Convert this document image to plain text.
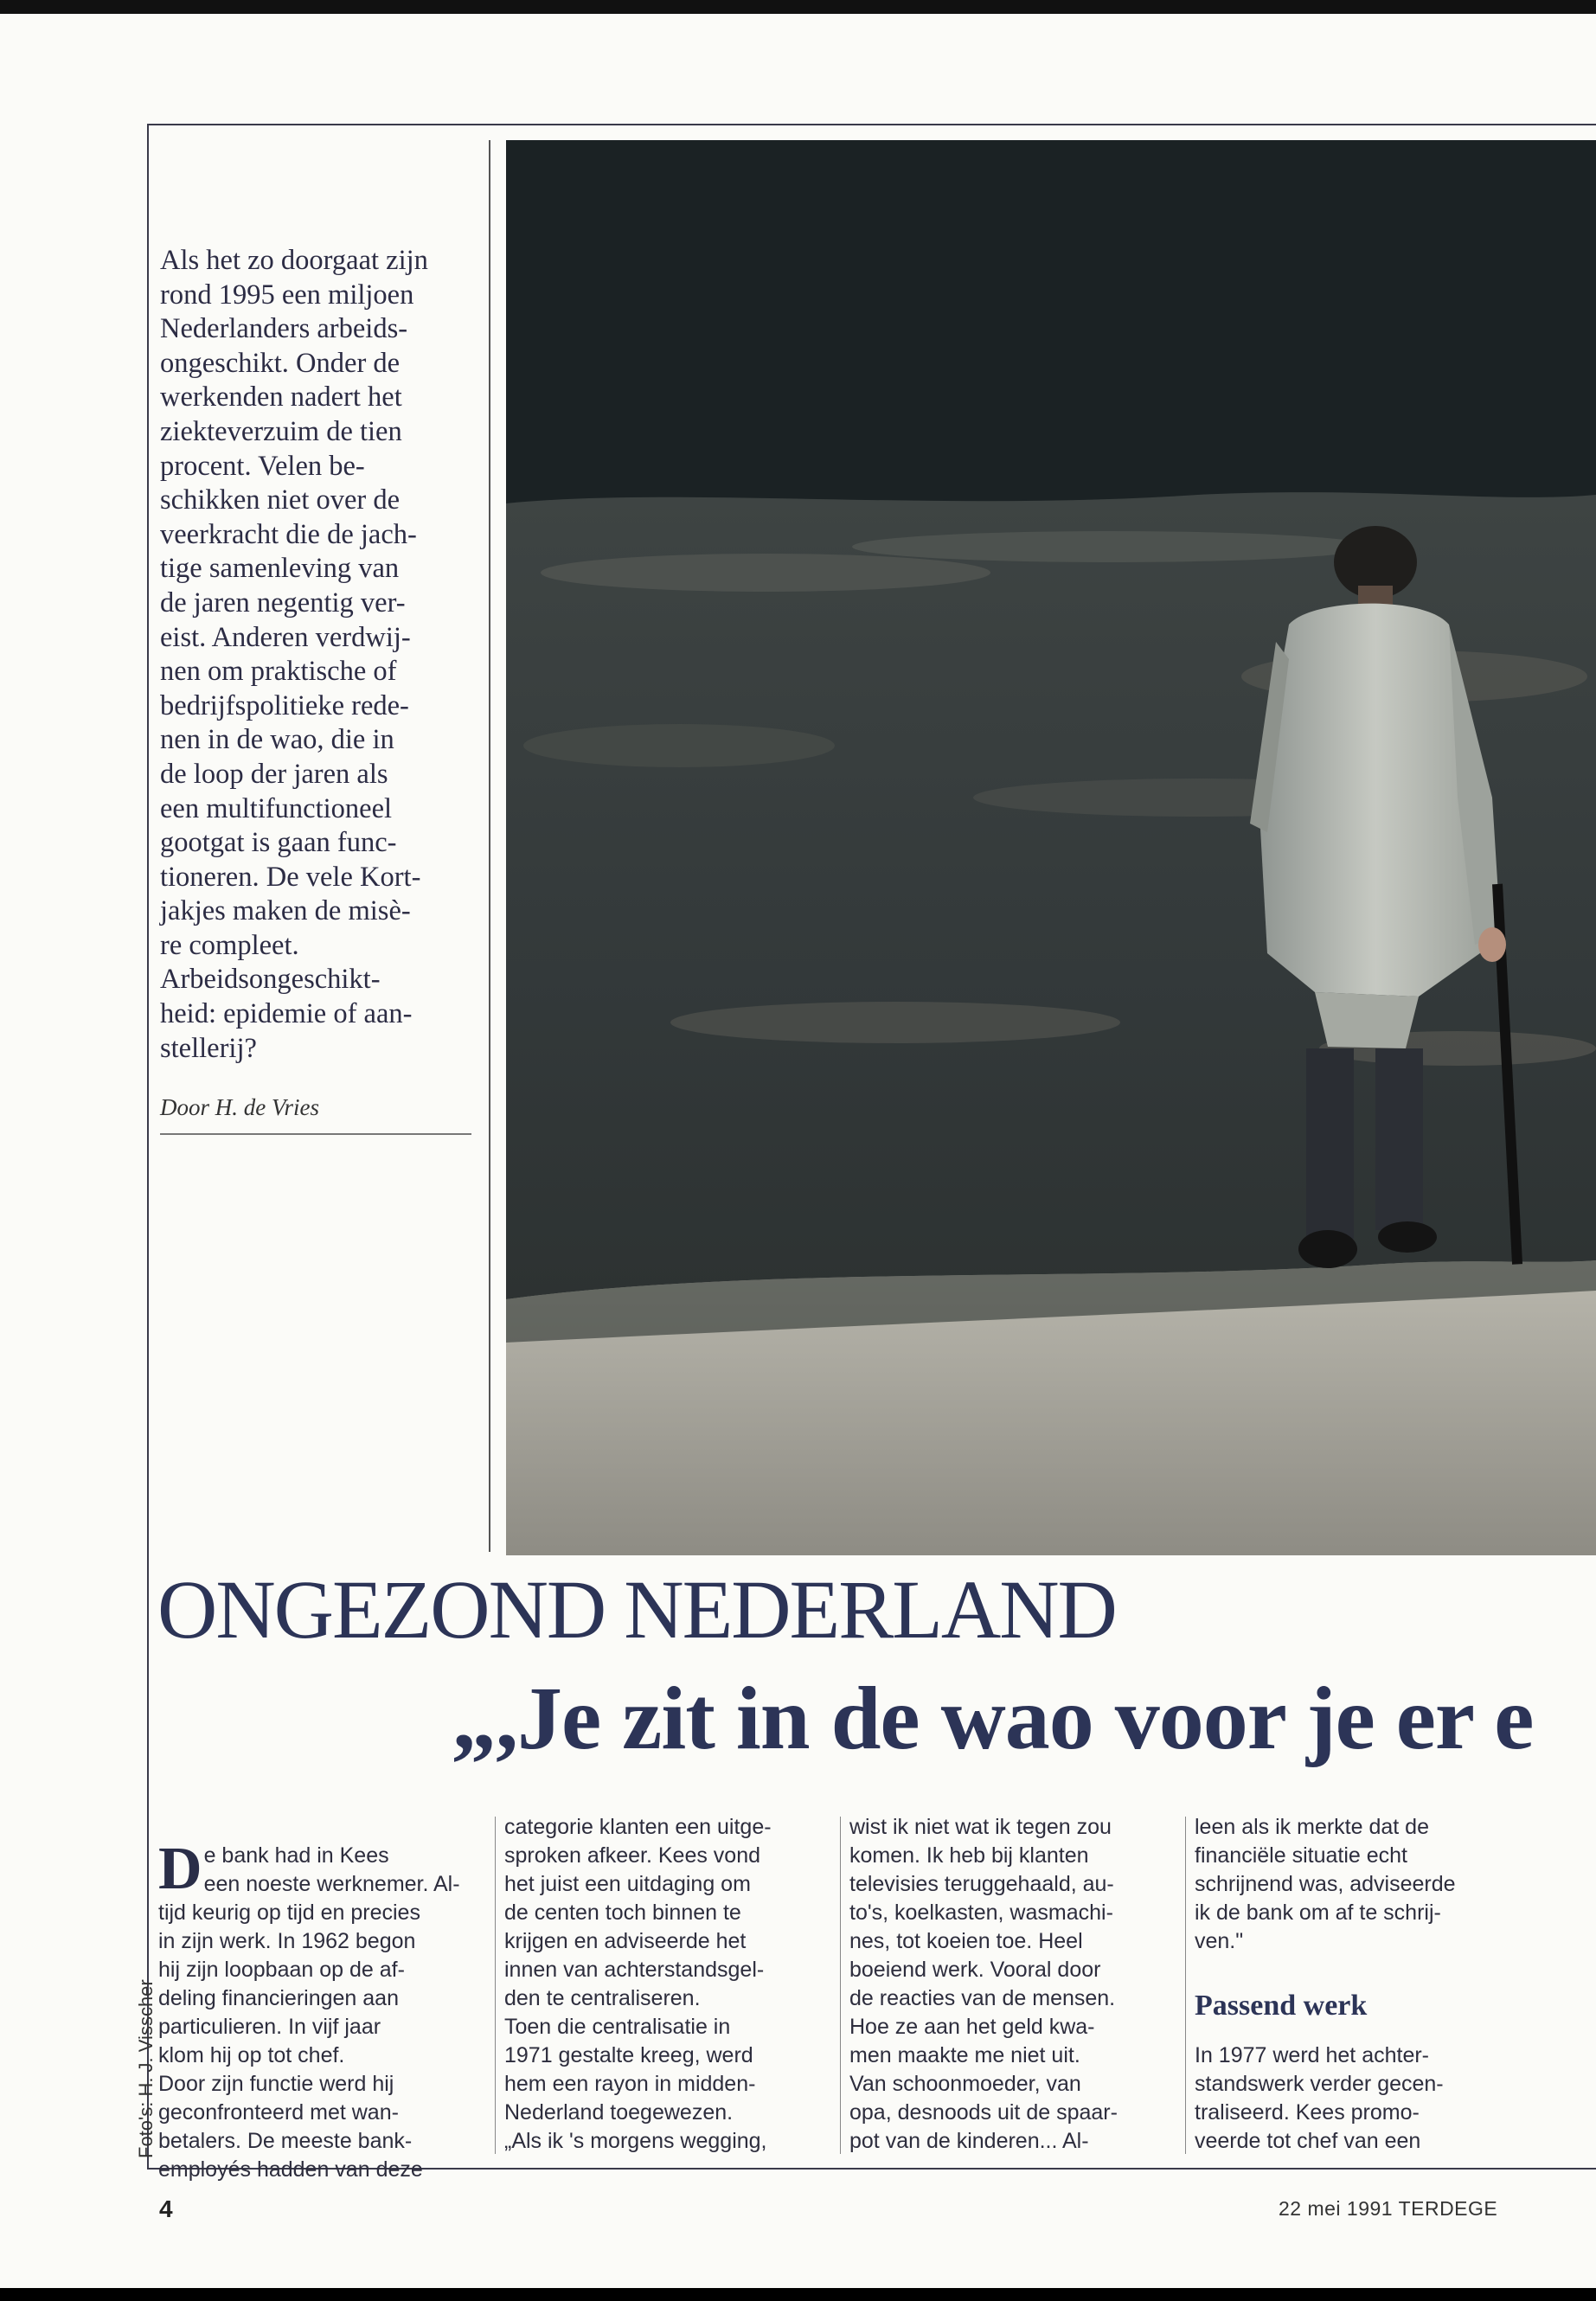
Als het zo doorgaat zijn
rond 1995 een miljoen
Nederlanders arbeids-
ongeschikt. Onder de
werkenden nadert het
ziekteverzuim de tien
procent. Velen be-
schikken niet over de
veerkracht die de jach-
tige samenleving van
de jaren negentig ver-
eist. Anderen verdwij-
nen om praktische of
bedrijfspolitieke rede-
nen in de wao, die in
de loop der jaren als
een multifunctioneel
gootgat is gaan func-
tioneren. De vele Kort-
jakjes maken de misè-
re compleet.
Arbeidsongeschikt-
heid: epidemie of aan-
stellerij?
Door H. de Vries
ONGEZOND NEDERLAND
„,Je zit in de wao voor je er e

De bank had in Kees
een noeste werknemer. Al-
tijd keurig op tijd en precies
in zijn werk. In 1962 begon
hij zijn loopbaan op de af-
deling financieringen aan
particulieren. In vijf jaar
klom hij op tot chef.
Door zijn functie werd hij
geconfronteerd met wan-
betalers. De meeste bank-
employés hadden van deze

categorie klanten een uitge-
sproken afkeer. Kees vond
het juist een uitdaging om
de centen toch binnen te
krijgen en adviseerde het
innen van achterstandsgel-
den te centraliseren.
Toen die centralisatie in
1971 gestalte kreeg, werd
hem een rayon in midden-
Nederland toegewezen.
„Als ik 's morgens wegging,
wist ik niet wat ik tegen zou
komen. Ik heb bij klanten
televisies teruggehaald, au-
to's, koelkasten, wasmachi-
nes, tot koeien toe. Heel
boeiend werk. Vooral door
de reacties van de mensen.
Hoe ze aan het geld kwa-
men maakte me niet uit.
Van schoonmoeder, van
opa, desnoods uit de spaar-
pot van de kinderen... Al-
leen als ik merkte dat de
financiële situatie echt
schrijnend was, adviseerde
ik de bank om af te schrij-
ven."
Passend werk
In 1977 werd het achter-
standswerk verder gecen-
traliseerd. Kees promo-
veerde tot chef van een
Foto's: H. J. Visscher
4	22 mei 1991 TERDEGE
